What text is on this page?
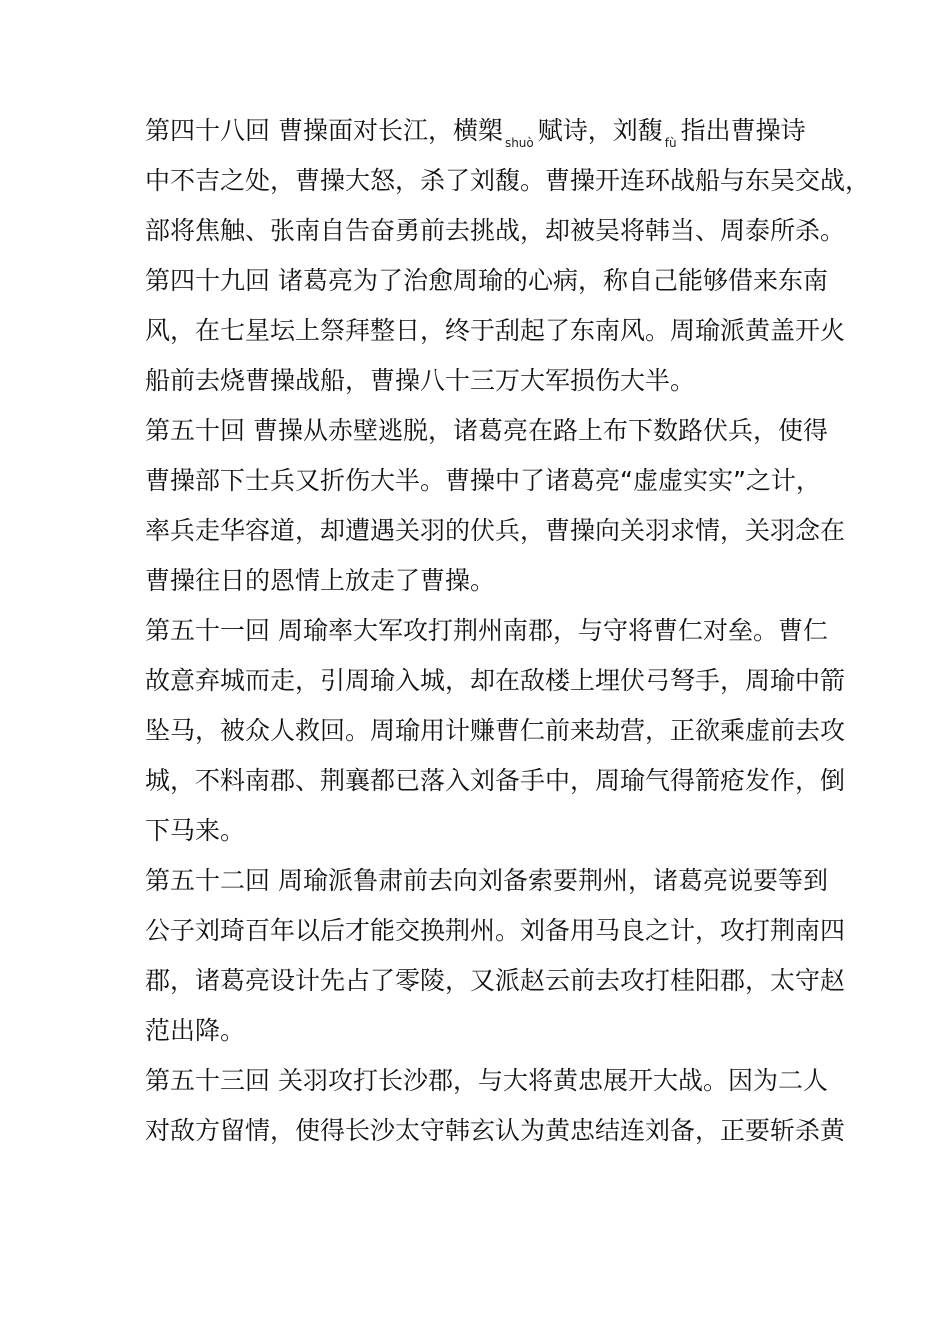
第四十八回 曹操面对长江，横槊 $_{shuò}$ 赋诗，刘馥 $_{fù}$ 指出曹操诗
中不吉之处，曹操大怒，杀了刘馥。曹操开连环战船与东吴交战，
部将焦触、张南自告奋勇前去挑战，却被吴将韩当、周泰所杀。
第四十九回 诸葛亮为了治愈周瑜的心病，称自己能够借来东南
风，在七星坛上祭拜整日，终于刮起了东南风。周瑜派黄盖开火
船前去烧曹操战船，曹操八十三万大军损伤大半。
第五十回 曹操从赤壁逃脱，诸葛亮在路上布下数路伏兵，使得
曹操部下士兵又折伤大半。曹操中了诸葛亮“虚虚实实”之计，
率兵走华容道，却遭遇关羽的伏兵，曹操向关羽求情，关羽念在
曹操往日的恩情上放走了曹操。
第五十一回 周瑜率大军攻打荆州南郡，与守将曹仁对垒。曹仁
故意弃城而走，引周瑜入城，却在敌楼上埋伏弓弩手，周瑜中箭
坠马，被众人救回。周瑜用计赚曹仁前来劫营，正欲乘虚前去攻
城，不料南郡、荆襄都已落入刘备手中，周瑜气得箭疮发作，倒
下马来。
第五十二回 周瑜派鲁肃前去向刘备索要荆州，诸葛亮说要等到
公子刘琦百年以后才能交换荆州。刘备用马良之计，攻打荆南四
郡，诸葛亮设计先占了零陵，又派赵云前去攻打桂阳郡，太守赵
范出降。
第五十三回 关羽攻打长沙郡，与大将黄忠展开大战。因为二人
对敌方留情，使得长沙太守韩玄认为黄忠结连刘备，正要斩杀黄
